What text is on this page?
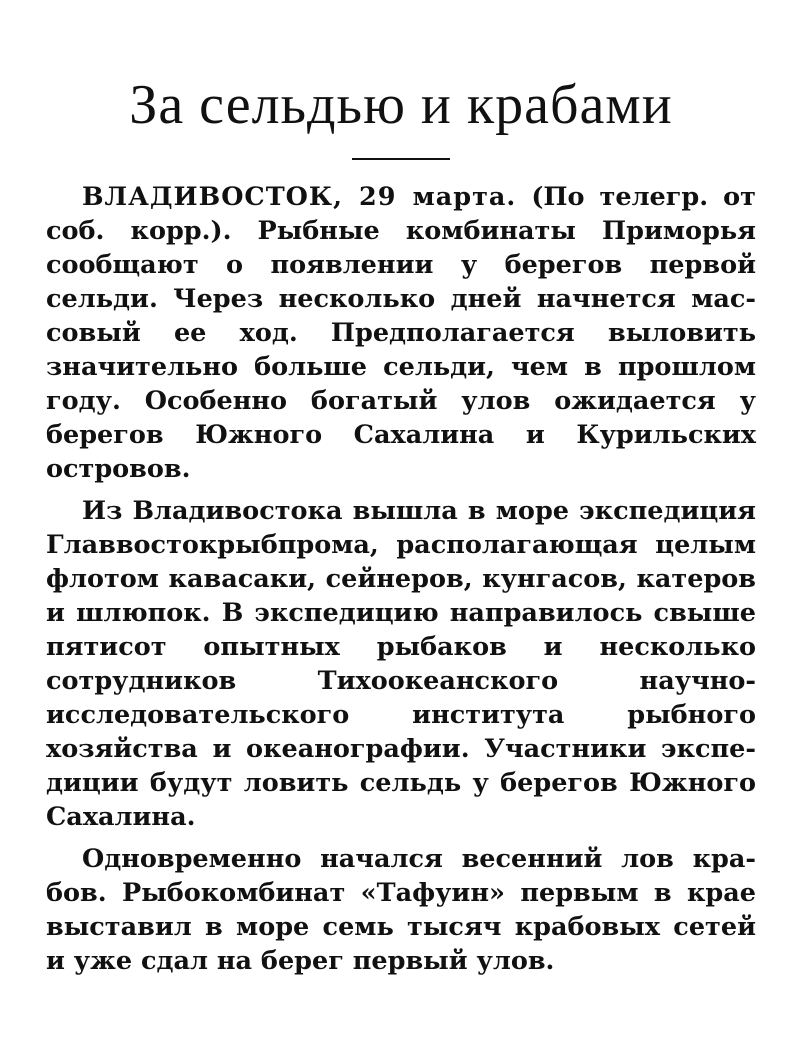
За сельдью и крабами

ВЛАДИВОСТОК, 29 марта. (По телегр. от соб. корр.). Рыбные комбинаты Приморья сообщают о появлении у берегов первой сельди. Через несколько дней начнется массовый ее ход. Предполагается выловить значительно больше сельди, чем в прошлом году. Особенно богатый улов ожидается у берегов Южного Сахалина и Курильских островов.

Из Владивостока вышла в море экспедиция Главвостокрыбпрома, располагающая целым флотом кавасаки, сейнеров, кунгасов, катеров и шлюпок. В экспедицию направилось свыше пятисот опытных рыбаков и несколько сотрудников Тихоокеанского научно-исследовательского института рыбного хозяйства и океанографии. Участники экспедиции будут ловить сельдь у берегов Южного Сахалина.

Одновременно начался весенний лов крабов. Рыбокомбинат «Тафуин» первым в крае выставил в море семь тысяч крабовых сетей и уже сдал на берег первый улов.
